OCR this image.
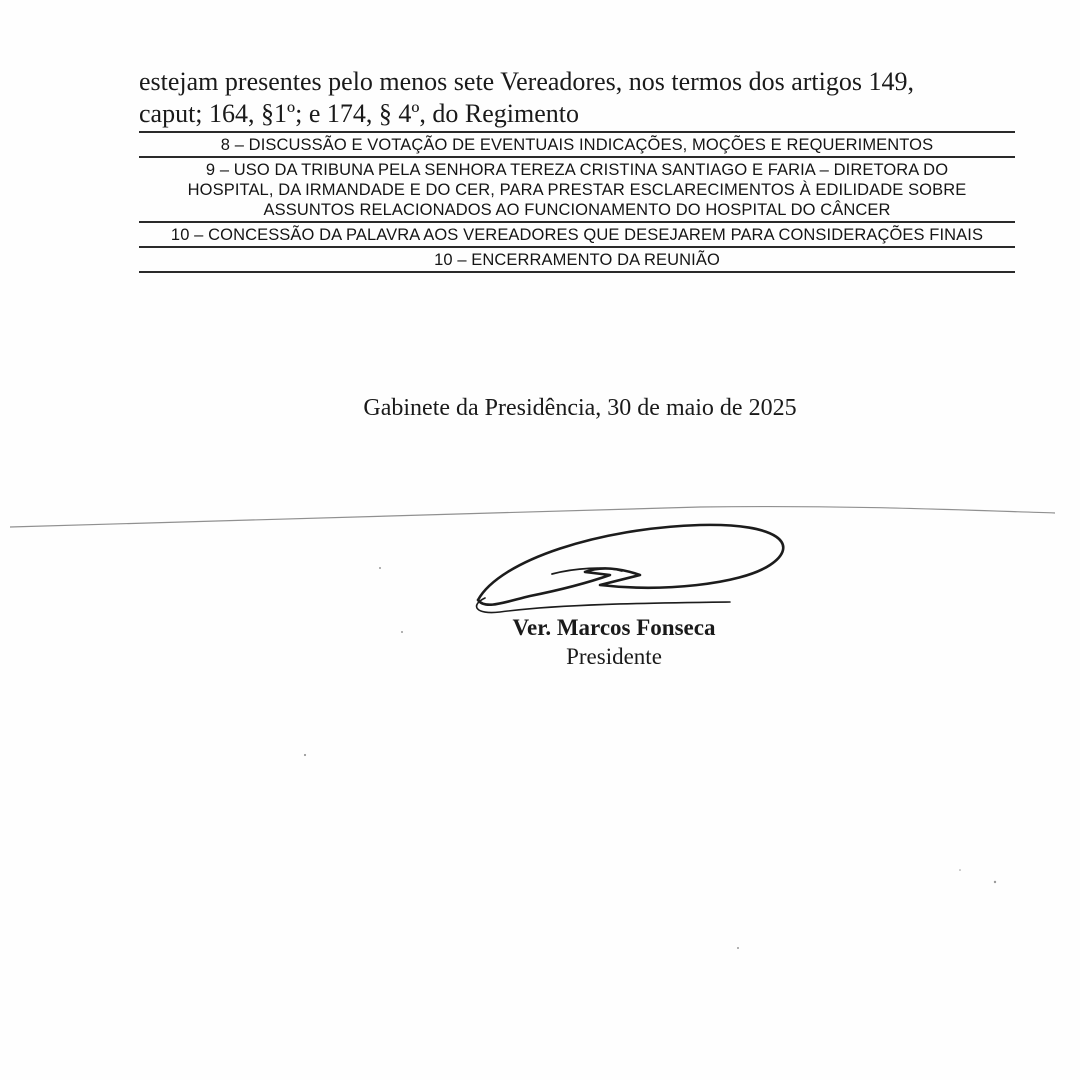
estejam presentes pelo menos sete Vereadores, nos termos dos artigos 149,
caput; 164, §1º; e 174, § 4º, do Regimento
8 – DISCUSSÃO E VOTAÇÃO DE EVENTUAIS INDICAÇÕES, MOÇÕES E REQUERIMENTOS
9 – USO DA TRIBUNA PELA SENHORA TEREZA CRISTINA SANTIAGO E FARIA – DIRETORA DO
HOSPITAL, DA IRMANDADE E DO CER, PARA PRESTAR ESCLARECIMENTOS À EDILIDADE SOBRE
ASSUNTOS RELACIONADOS AO FUNCIONAMENTO DO HOSPITAL DO CÂNCER
10 – CONCESSÃO DA PALAVRA AOS VEREADORES QUE DESEJAREM PARA CONSIDERAÇÕES FINAIS
10 – ENCERRAMENTO DA REUNIÃO
Gabinete da Presidência, 30 de maio de 2025
Ver. Marcos Fonseca
Presidente
